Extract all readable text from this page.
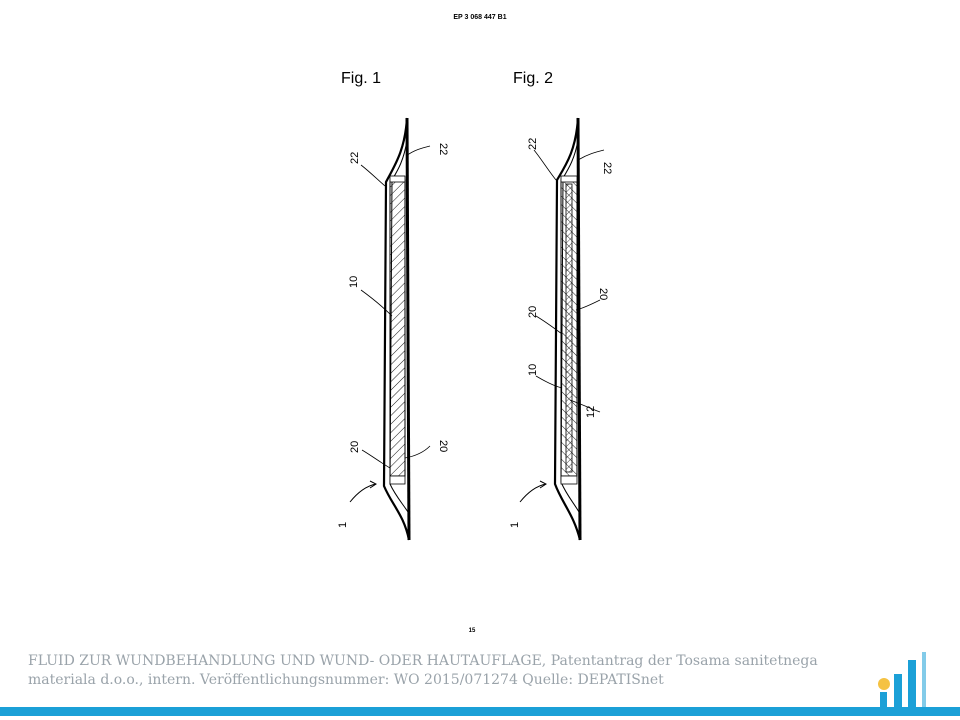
EP 3 068 447 B1
Fig. 1	Fig. 2
22
22
10
20	20
1
22
22
20
20
10
12
1
15
FLUID ZUR WUNDBEHANDLUNG UND WUND- ODER HAUTAUFLAGE, Patentantrag der Tosama sanitetnega
materiala d.o.o., intern. Veröffentlichungsnummer: WO 2015/071274 Quelle: DEPATISnet
